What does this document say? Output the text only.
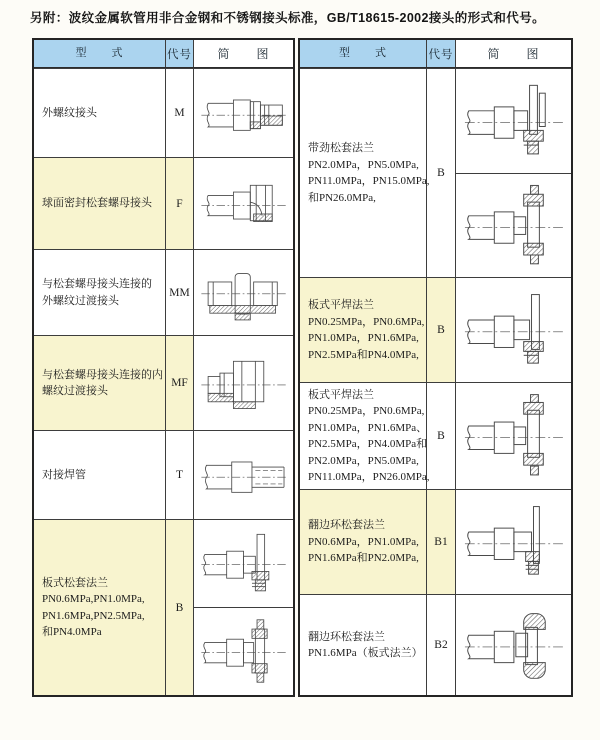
另附：波纹金属软管用非合金钢和不锈钢接头标准，GB/T18615-2002接头的形式和代号。
型　　式	代号	简　　图
外螺纹接头	M
球面密封松套螺母接头	F
与松套螺母接头连接的
外螺纹过渡接头
MM
与松套螺母接头连接的内
螺纹过渡接头
MF
对接焊管	T
板式松套法兰
PN0.6MPa,PN1.0MPa,
PN1.6MPa,PN2.5MPa,
和PN4.0MPa
B
型　　式	代号	简　　图
带劲松套法兰
PN2.0MPa，PN5.0MPa,
PN11.0MPa，PN15.0MPa,
和PN26.0MPa,
B
板式平焊法兰
PN0.25MPa，PN0.6MPa,
PN1.0MPa，PN1.6MPa,
PN2.5MPa和PN4.0MPa,
B
板式平焊法兰
PN0.25MPa，PN0.6MPa,
PN1.0MPa，PN1.6MPa、
PN2.5MPa，PN4.0MPa和
PN2.0MPa，PN5.0MPa,
PN11.0MPa，PN26.0MPa,
B
翻边环松套法兰
PN0.6MPa，PN1.0MPa,
PN1.6MPa和PN2.0MPa,
B1
翻边环松套法兰
PN1.6MPa（板式法兰）
B2
